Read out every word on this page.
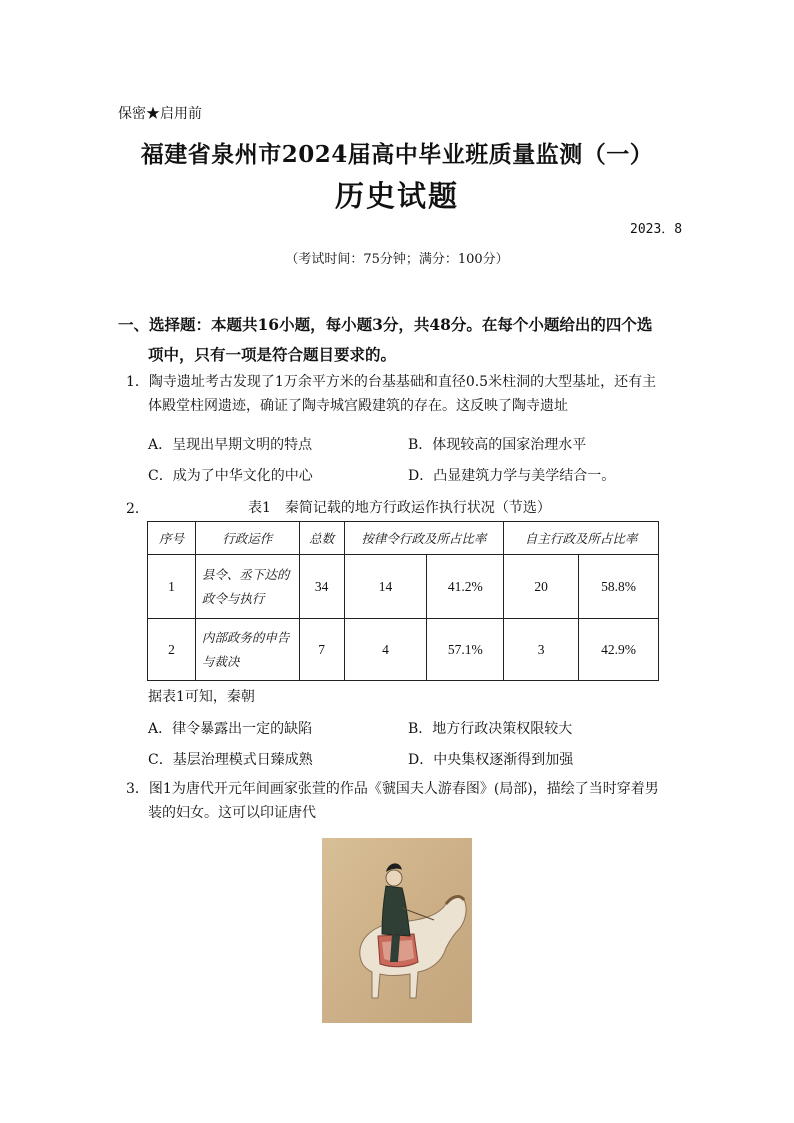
保密★启用前
福建省泉州市2024届高中毕业班质量监测（一）
历史试题
2023．8
（考试时间：75分钟；满分：100分）
一、选择题：本题共16小题，每小题3分，共48分。在每个小题给出的四个选
项中，只有一项是符合题目要求的。
1．陶寺遗址考古发现了1万余平方米的台基基础和直径0.5米柱洞的大型基址，还有主
体殿堂柱网遗迹，确证了陶寺城宫殿建筑的存在。这反映了陶寺遗址
A．呈现出早期文明的特点	B．体现较高的国家治理水平
C．成为了中华文化的中心	D．凸显建筑力学与美学结合一。
2．	表1　秦简记载的地方行政运作执行状况（节选）
序号	行政运作	总数	按律令行政及所占比率		自主行政及所占比率	
1	县令、丞下达的政令与执行	34	14	41.2%	20	58.8%
2	内部政务的申告与裁决	7	4	57.1%	3	42.9%
据表1可知，秦朝
A．律令暴露出一定的缺陷	B．地方行政决策权限较大
C．基层治理模式日臻成熟	D．中央集权逐渐得到加强
3．图1为唐代开元年间画家张萱的作品《虢国夫人游春图》(局部)，描绘了当时穿着男
装的妇女。这可以印证唐代
